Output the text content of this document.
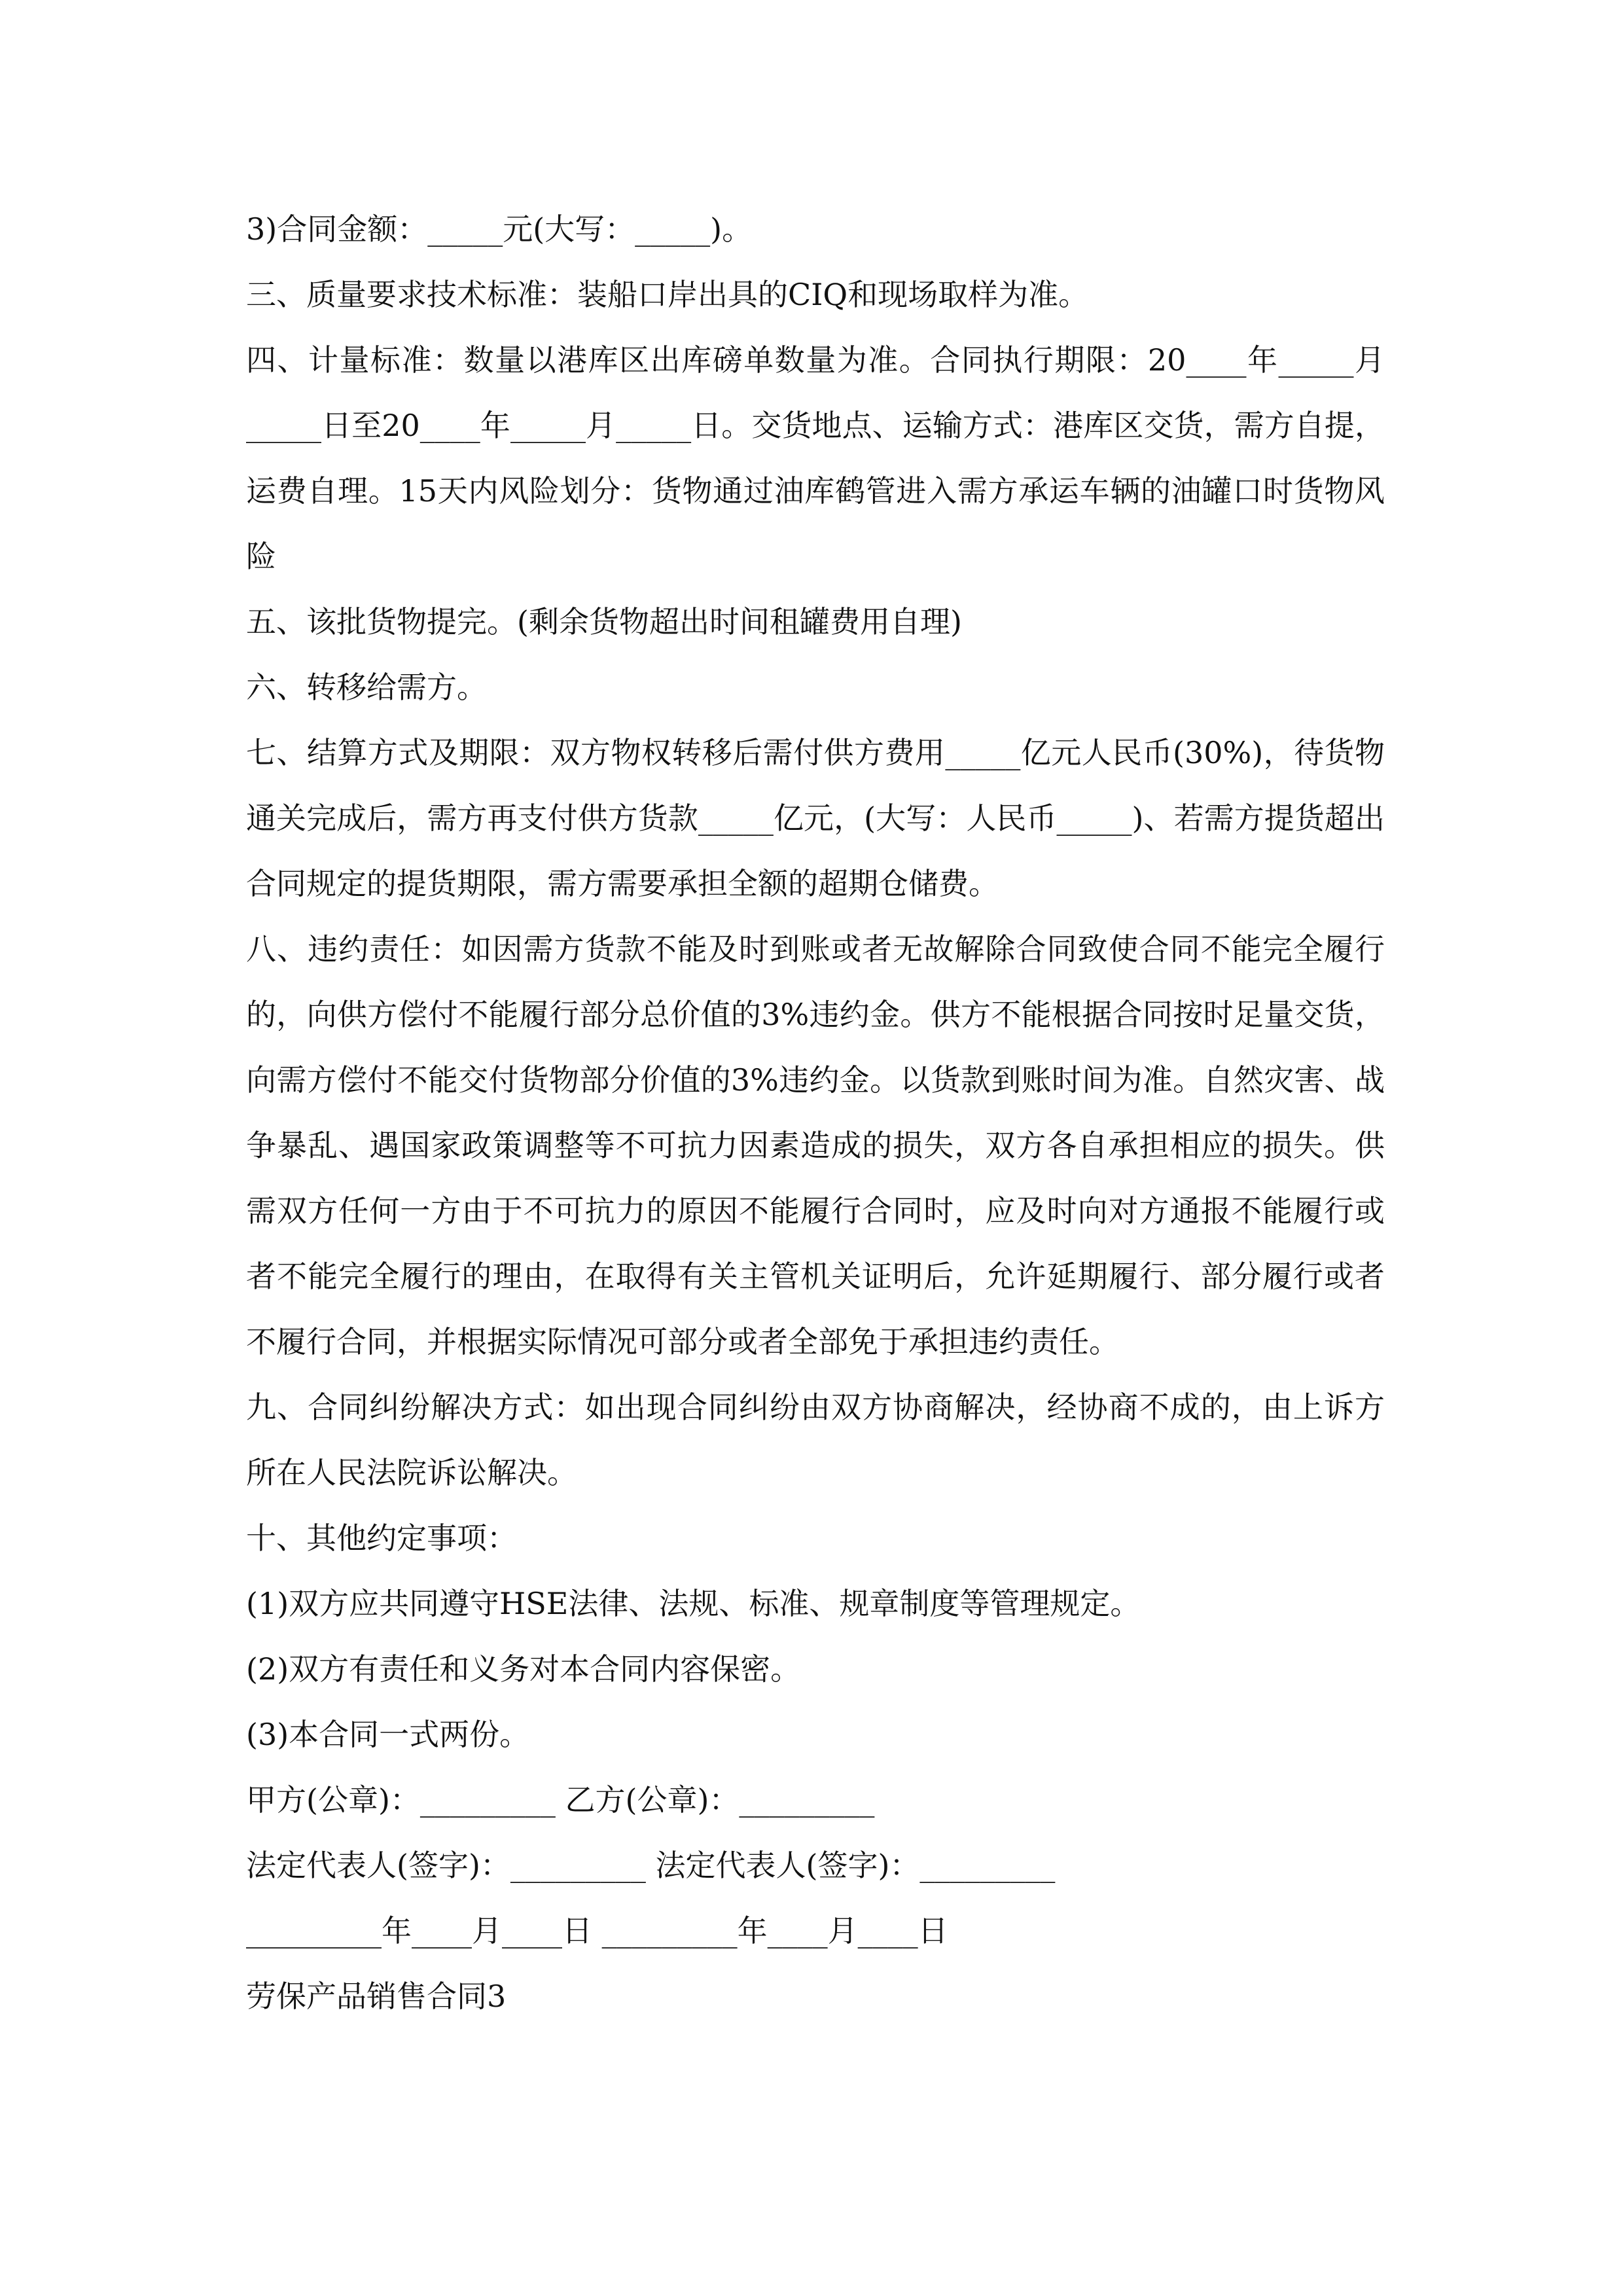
3)合同金额：_____元(大写：_____)。

三、质量要求技术标准：装船口岸出具的CIQ和现场取样为准。

四、计量标准：数量以港库区出库磅单数量为准。合同执行期限：20____年_____月_____日至20____年_____月_____日。交货地点、运输方式：港库区交货，需方自提，运费自理。15天内风险划分：货物通过油库鹤管进入需方承运车辆的油罐口时货物风险

五、该批货物提完。(剩余货物超出时间租罐费用自理)

六、转移给需方。

七、结算方式及期限：双方物权转移后需付供方费用_____亿元人民币(30%)，待货物通关完成后，需方再支付供方货款_____亿元，(大写：人民币_____)、若需方提货超出合同规定的提货期限，需方需要承担全额的超期仓储费。

八、违约责任：如因需方货款不能及时到账或者无故解除合同致使合同不能完全履行的，向供方偿付不能履行部分总价值的3%违约金。供方不能根据合同按时足量交货，向需方偿付不能交付货物部分价值的3%违约金。以货款到账时间为准。自然灾害、战争暴乱、遇国家政策调整等不可抗力因素造成的损失，双方各自承担相应的损失。供需双方任何一方由于不可抗力的原因不能履行合同时，应及时向对方通报不能履行或者不能完全履行的理由，在取得有关主管机关证明后，允许延期履行、部分履行或者不履行合同，并根据实际情况可部分或者全部免于承担违约责任。

九、合同纠纷解决方式：如出现合同纠纷由双方协商解决，经协商不成的，由上诉方所在人民法院诉讼解决。

十、其他约定事项：

(1)双方应共同遵守HSE法律、法规、标准、规章制度等管理规定。

(2)双方有责任和义务对本合同内容保密。

(3)本合同一式两份。

甲方(公章)：_________ 乙方(公章)：_________

法定代表人(签字)：_________ 法定代表人(签字)：_________

_________年____月____日 _________年____月____日

劳保产品销售合同3
